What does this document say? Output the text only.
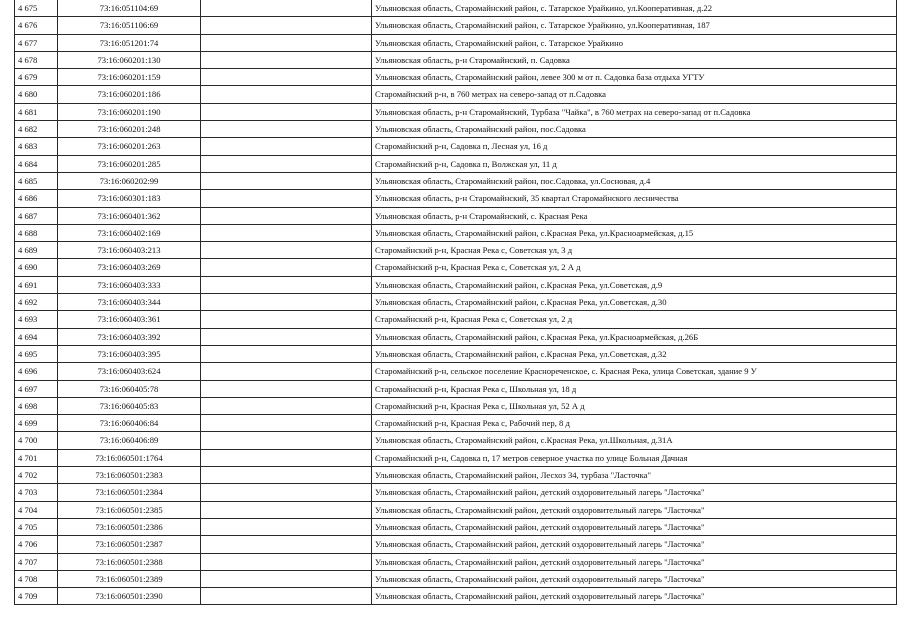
4 675	73:16:051104:69		Ульяновская область, Старомайнский район, с. Татарское Урайкино, ул.Кооперативная, д.22
4 676	73:16:051106:69		Ульяновская область, Старомайнский район, с. Татарское Урайкино, ул.Кооперативная, 187
4 677	73:16:051201:74		Ульяновская область, Старомайнский район, с. Татарское Урайкино
4 678	73:16:060201:130		Ульяновская область, р-н Старомайнский, п. Садовка
4 679	73:16:060201:159		Ульяновская область, Старомайнский район, левее 300 м от п. Садовка база отдыха УГТУ
4 680	73:16:060201:186		Старомайнский р-н, в 760 метрах на северо-запад от п.Садовка
4 681	73:16:060201:190		Ульяновская область, р-н Старомайнский, Турбаза "Чайка", в 760 метрах на северо-запад от п.Садовка
4 682	73:16:060201:248		Ульяновская область, Старомайнский район, пос.Садовка
4 683	73:16:060201:263		Старомайнский р-н, Садовка п, Лесная ул, 16 д
4 684	73:16:060201:285		Старомайнский р-н, Садовка п, Волжская ул, 11 д
4 685	73:16:060202:99		Ульяновская область, Старомайнский район, пос.Садовка, ул.Сосновая, д.4
4 686	73:16:060301:183		Ульяновская область, р-н Старомайнский, 35 квартал Старомайнского лесничества
4 687	73:16:060401:362		Ульяновская область, р-н Старомайнский, с. Красная Река
4 688	73:16:060402:169		Ульяновская область, Старомайнский район, с.Красная Река, ул.Красноармейская, д.15
4 689	73:16:060403:213		Старомайнский р-н, Красная Река с, Советская ул, 3 д
4 690	73:16:060403:269		Старомайнский р-н, Красная Река с, Советская ул, 2 А д
4 691	73:16:060403:333		Ульяновская область, Старомайнский район, с.Красная Река, ул.Советская, д.9
4 692	73:16:060403:344		Ульяновская область, Старомайнский район, с.Красная Река, ул.Советская, д.30
4 693	73:16:060403:361		Старомайнский р-н, Красная Река с, Советская ул, 2 д
4 694	73:16:060403:392		Ульяновская область, Старомайнский район, с.Красная Река, ул.Красноармейская, д.26Б
4 695	73:16:060403:395		Ульяновская область, Старомайнский район, с.Красная Река, ул.Советская, д.32
4 696	73:16:060403:624		Старомайнский р-н, сельское поселение Краснореченское, с. Красная Река, улица Советская, здание 9 У
4 697	73:16:060405:78		Старомайнский р-н, Красная Река с, Школьная ул, 18 д
4 698	73:16:060405:83		Старомайнский р-н, Красная Река с, Школьная ул, 52 А д
4 699	73:16:060406:84		Старомайнский р-н, Красная Река с, Рабочий пер, 8 д
4 700	73:16:060406:89		Ульяновская область, Старомайнский район, с.Красная Река, ул.Школьная, д.31А
4 701	73:16:060501:1764		Старомайнский р-н, Садовка п, 17 метров северное участка по улице Больная Дачная
4 702	73:16:060501:2383		Ульяновская область, Старомайнский район, Лесхоз 34, турбаза "Ласточка"
4 703	73:16:060501:2384		Ульяновская область, Старомайнский район, детский оздоровительный лагерь "Ласточка"
4 704	73:16:060501:2385		Ульяновская область, Старомайнский район, детский оздоровительный лагерь "Ласточка"
4 705	73:16:060501:2386		Ульяновская область, Старомайнский район, детский оздоровительный лагерь "Ласточка"
4 706	73:16:060501:2387		Ульяновская область, Старомайнский район, детский оздоровительный лагерь "Ласточка"
4 707	73:16:060501:2388		Ульяновская область, Старомайнский район, детский оздоровительный лагерь "Ласточка"
4 708	73:16:060501:2389		Ульяновская область, Старомайнский район, детский оздоровительный лагерь "Ласточка"
4 709	73:16:060501:2390		Ульяновская область, Старомайнский район, детский оздоровительный лагерь "Ласточка"
